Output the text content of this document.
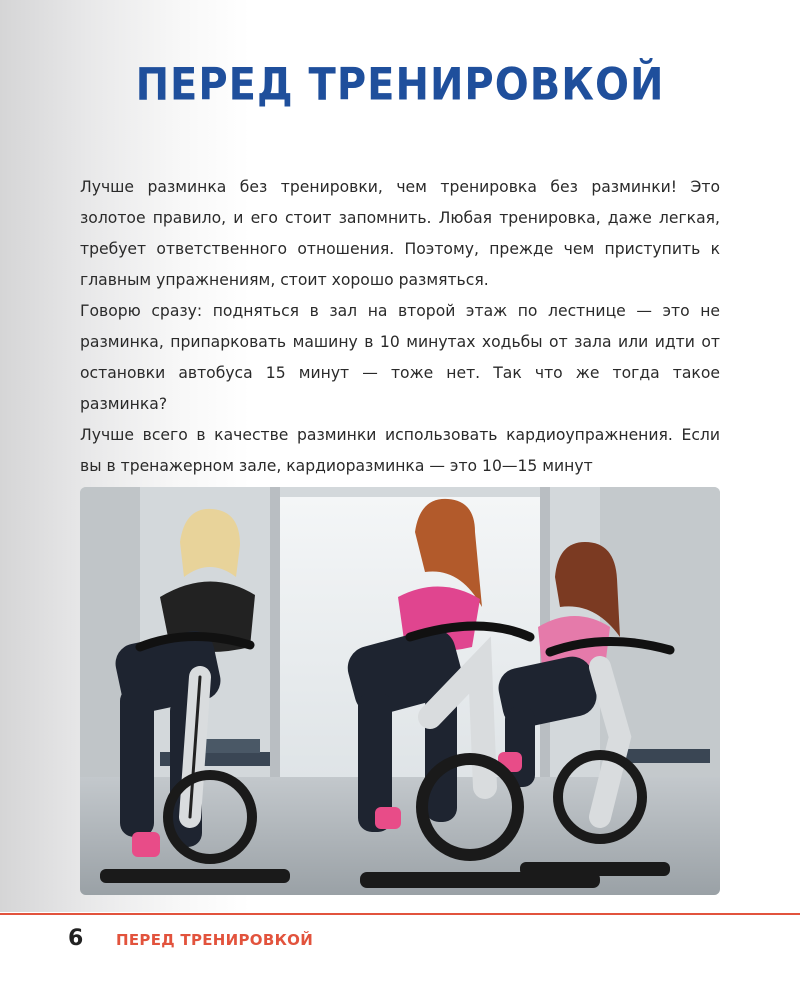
ПЕРЕД ТРЕНИРОВКОЙ

Лучше разминка без тренировки, чем тренировка без разминки! Это золотое правило, и его стоит запомнить. Любая тренировка, даже легкая, требует ответственного отношения. Поэтому, прежде чем приступить к главным упражнениям, стоит хорошо размяться.

Говорю сразу: подняться в зал на второй этаж по лестнице — это не разминка, припарковать машину в 10 минутах ходьбы от зала или идти от остановки автобуса 15 минут — тоже нет. Так что же тогда такое разминка?

Лучше всего в качестве разминки использовать кардиоупражнения. Если вы в тренажерном зале, кардиоразминка — это 10—15 минут

6 ПЕРЕД ТРЕНИРОВКОЙ
